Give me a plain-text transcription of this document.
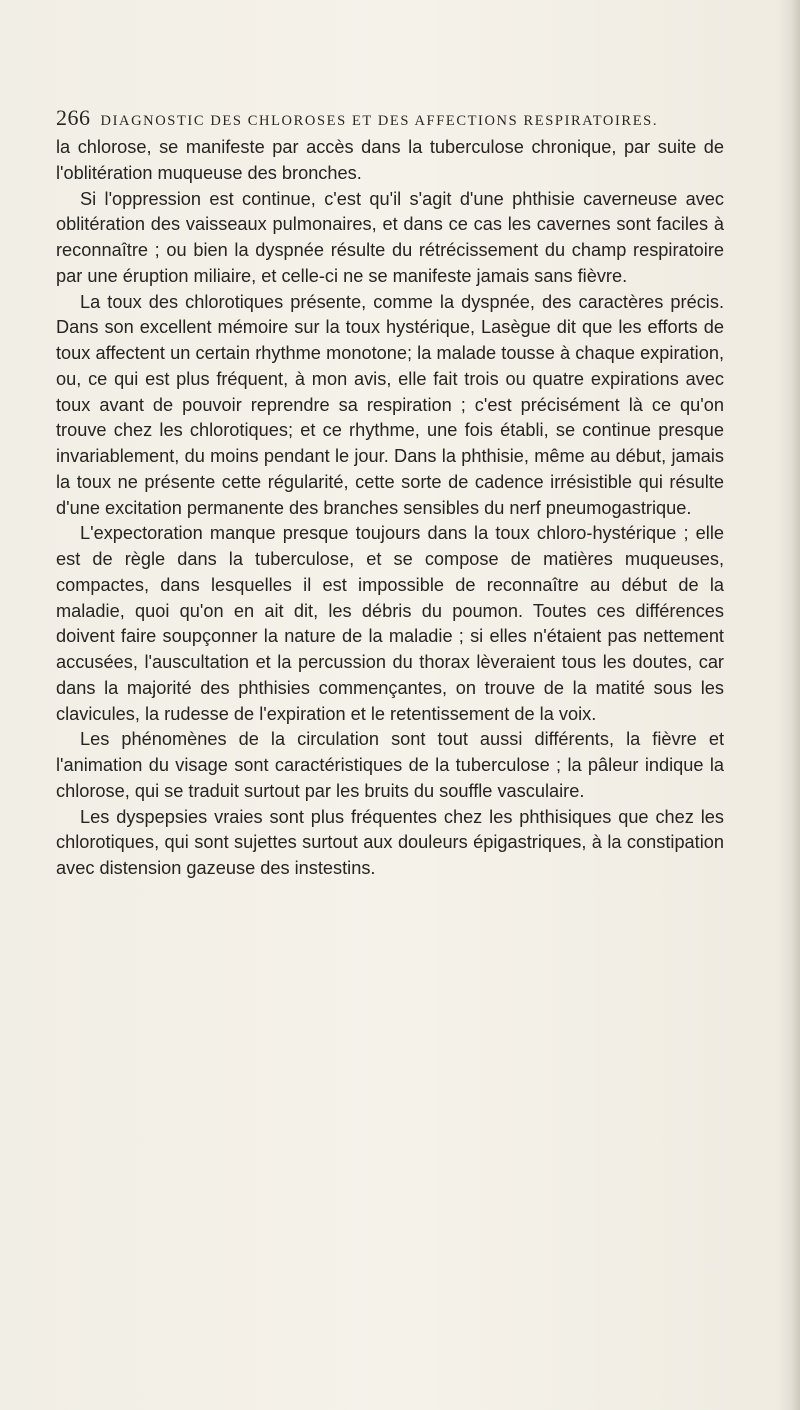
266 DIAGNOSTIC DES CHLOROSES ET DES AFFECTIONS RESPIRATOIRES.

la chlorose, se manifeste par accès dans la tuberculose chronique, par suite de l'oblitération muqueuse des bronches.

Si l'oppression est continue, c'est qu'il s'agit d'une phthisie caverneuse avec oblitération des vaisseaux pulmonaires, et dans ce cas les cavernes sont faciles à reconnaître ; ou bien la dyspnée résulte du rétrécissement du champ respiratoire par une éruption miliaire, et celle-ci ne se manifeste jamais sans fièvre.

La toux des chlorotiques présente, comme la dyspnée, des caractères précis. Dans son excellent mémoire sur la toux hystérique, Lasègue dit que les efforts de toux affectent un certain rhythme monotone; la malade tousse à chaque expiration, ou, ce qui est plus fréquent, à mon avis, elle fait trois ou quatre expirations avec toux avant de pouvoir reprendre sa respiration ; c'est précisément là ce qu'on trouve chez les chlorotiques; et ce rhythme, une fois établi, se continue presque invariablement, du moins pendant le jour. Dans la phthisie, même au début, jamais la toux ne présente cette régularité, cette sorte de cadence irrésistible qui résulte d'une excitation permanente des branches sensibles du nerf pneumogastrique.

L'expectoration manque presque toujours dans la toux chloro-hystérique ; elle est de règle dans la tuberculose, et se compose de matières muqueuses, compactes, dans lesquelles il est impossible de reconnaître au début de la maladie, quoi qu'on en ait dit, les débris du poumon. Toutes ces différences doivent faire soupçonner la nature de la maladie ; si elles n'étaient pas nettement accusées, l'auscultation et la percussion du thorax lèveraient tous les doutes, car dans la majorité des phthisies commençantes, on trouve de la matité sous les clavicules, la rudesse de l'expiration et le retentissement de la voix.

Les phénomènes de la circulation sont tout aussi différents, la fièvre et l'animation du visage sont caractéristiques de la tuberculose ; la pâleur indique la chlorose, qui se traduit surtout par les bruits du souffle vasculaire.

Les dyspepsies vraies sont plus fréquentes chez les phthisiques que chez les chlorotiques, qui sont sujettes surtout aux douleurs épigastriques, à la constipation avec distension gazeuse des instestins.
